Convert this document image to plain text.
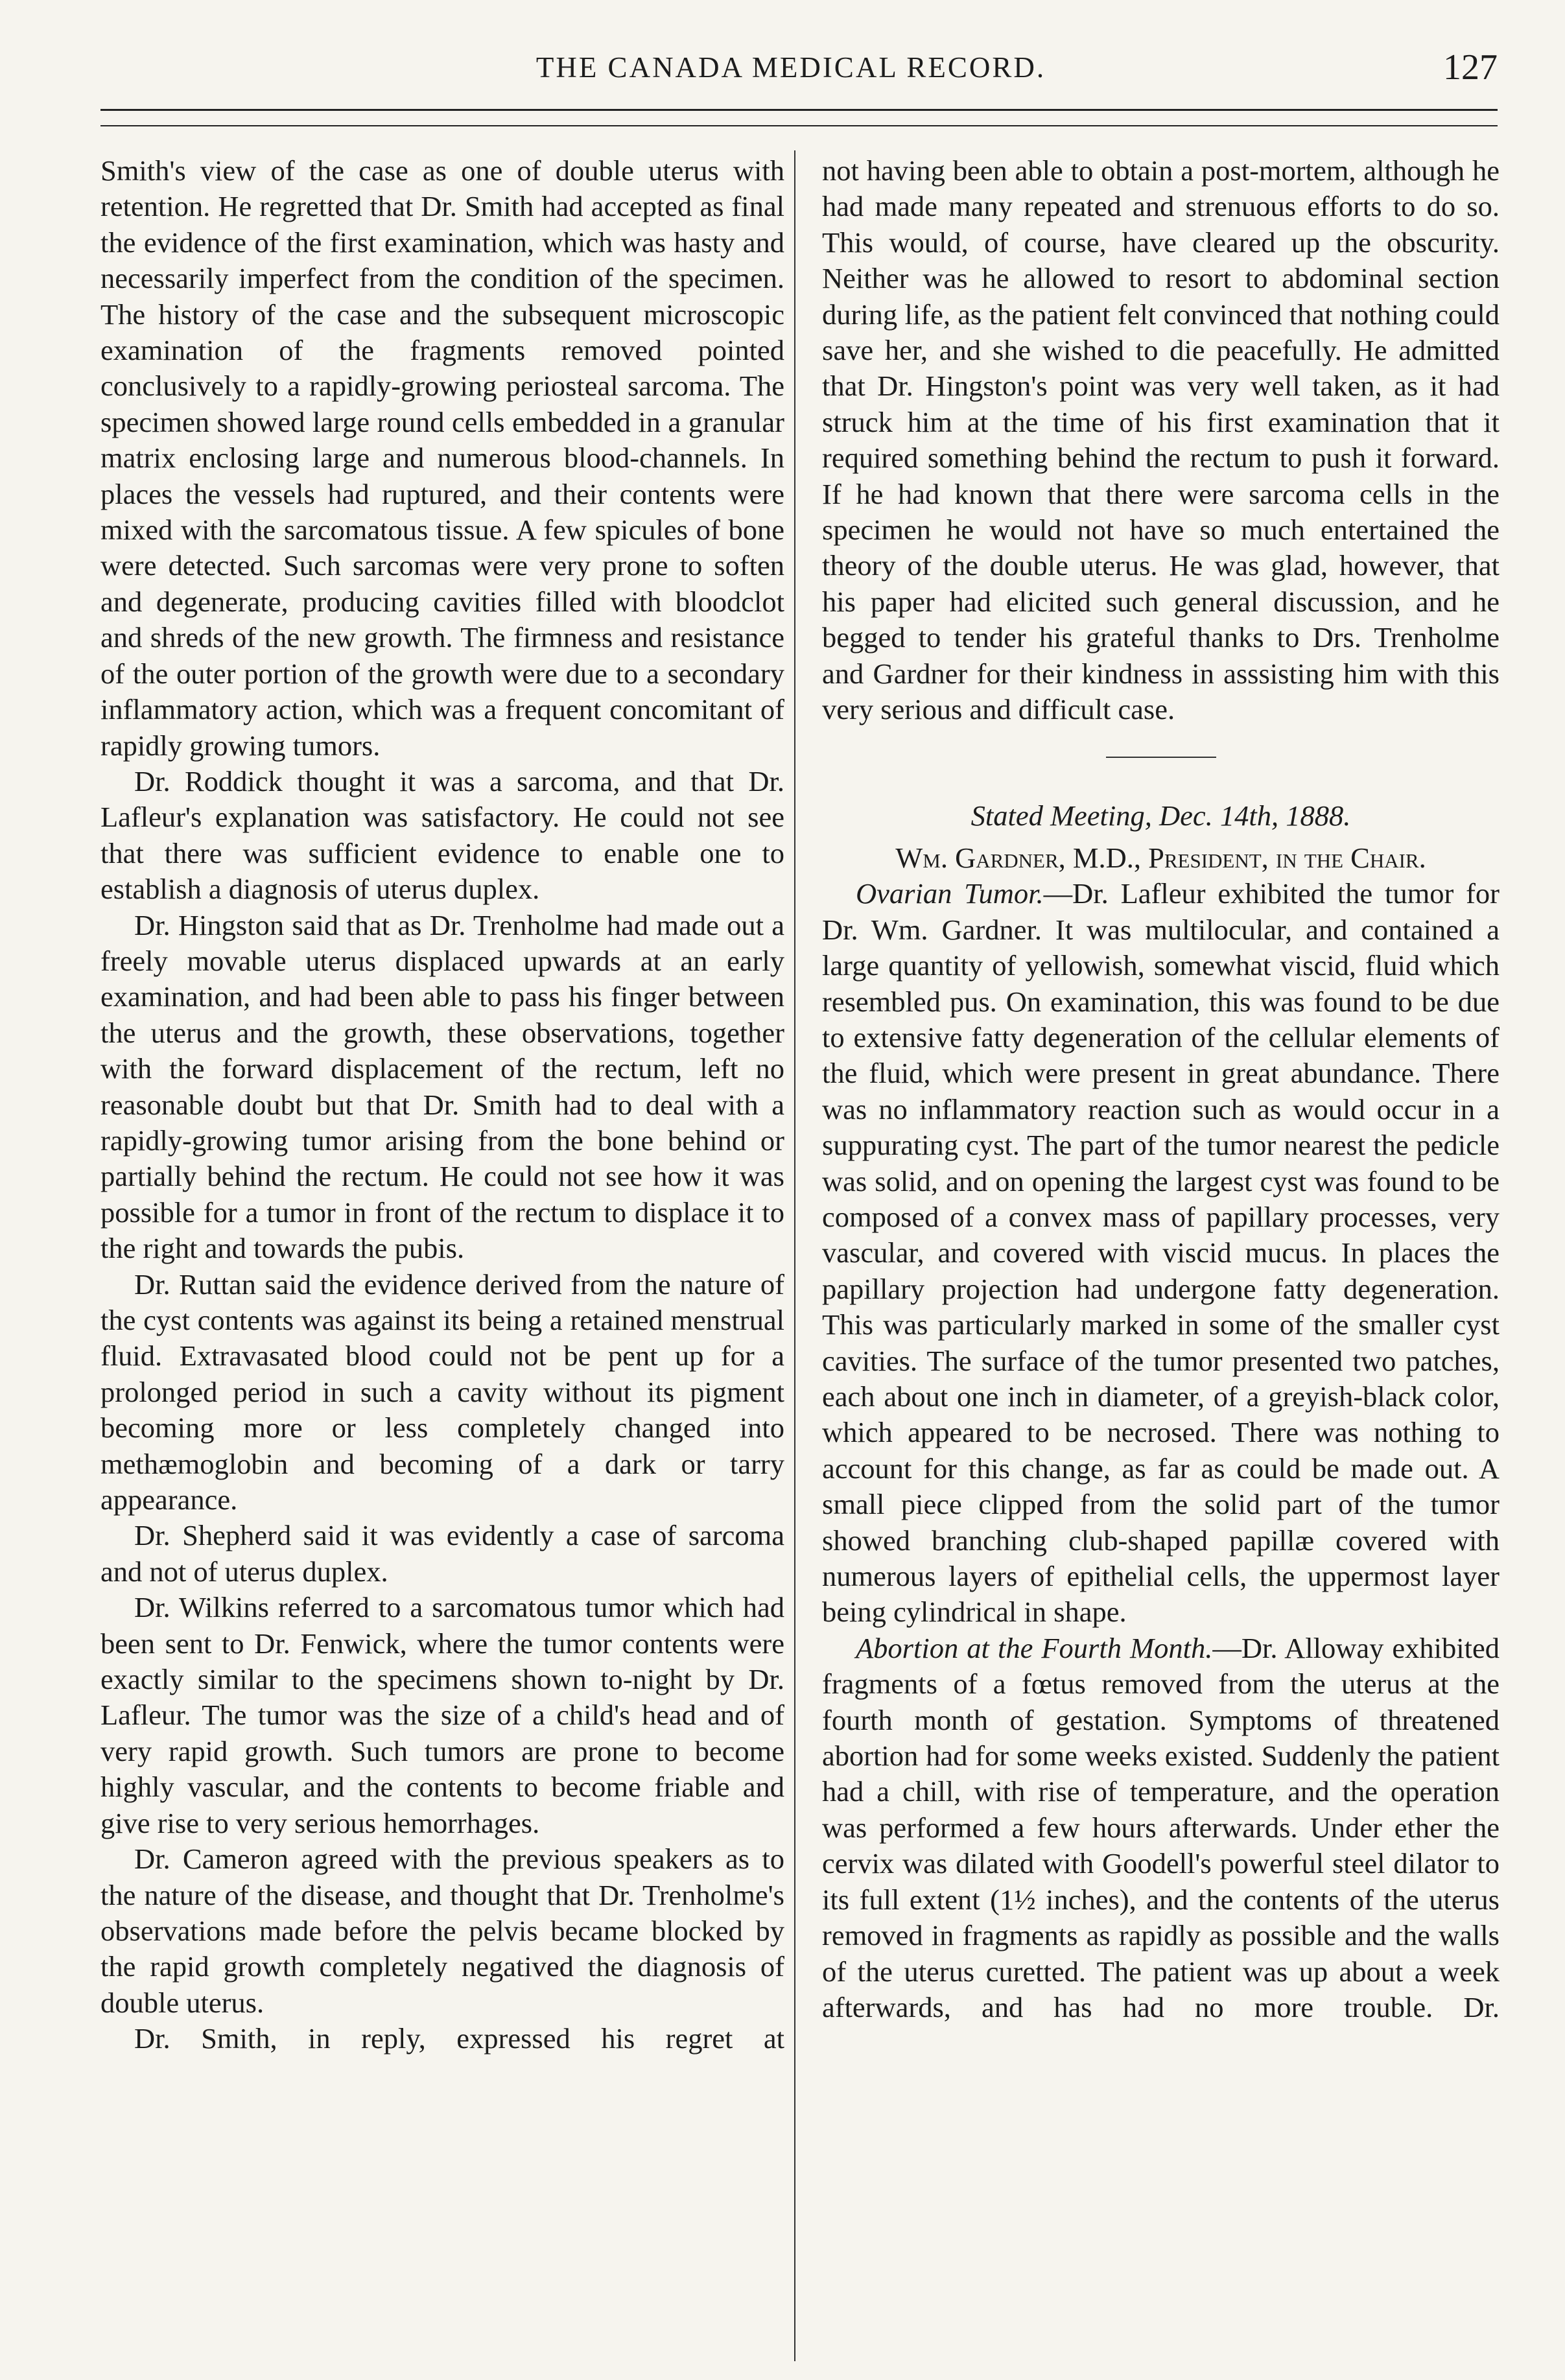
THE CANADA MEDICAL RECORD.	127

Smith's view of the case as one of double uterus with retention. He regretted that Dr. Smith had accepted as final the evidence of the first examination, which was hasty and necessarily imperfect from the condition of the specimen. The history of the case and the subsequent microscopic examination of the fragments removed pointed conclusively to a rapidly-growing periosteal sarcoma. The specimen showed large round cells embedded in a granular matrix enclosing large and numerous blood-channels. In places the vessels had ruptured, and their contents were mixed with the sarcomatous tissue. A few spicules of bone were detected. Such sarcomas were very prone to soften and degenerate, producing cavities filled with bloodclot and shreds of the new growth. The firmness and resistance of the outer portion of the growth were due to a secondary inflammatory action, which was a frequent concomitant of rapidly growing tumors.

Dr. Roddick thought it was a sarcoma, and that Dr. Lafleur's explanation was satisfactory. He could not see that there was sufficient evidence to enable one to establish a diagnosis of uterus duplex.

Dr. Hingston said that as Dr. Trenholme had made out a freely movable uterus displaced upwards at an early examination, and had been able to pass his finger between the uterus and the growth, these observations, together with the forward displacement of the rectum, left no reasonable doubt but that Dr. Smith had to deal with a rapidly-growing tumor arising from the bone behind or partially behind the rectum. He could not see how it was possible for a tumor in front of the rectum to displace it to the right and towards the pubis.

Dr. Ruttan said the evidence derived from the nature of the cyst contents was against its being a retained menstrual fluid. Extravasated blood could not be pent up for a prolonged period in such a cavity without its pigment becoming more or less completely changed into methæmoglobin and becoming of a dark or tarry appearance.

Dr. Shepherd said it was evidently a case of sarcoma and not of uterus duplex.

Dr. Wilkins referred to a sarcomatous tumor which had been sent to Dr. Fenwick, where the tumor contents were exactly similar to the specimens shown to-night by Dr. Lafleur. The tumor was the size of a child's head and of very rapid growth. Such tumors are prone to become highly vascular, and the contents to become friable and give rise to very serious hemorrhages.

Dr. Cameron agreed with the previous speakers as to the nature of the disease, and thought that Dr. Trenholme's observations made before the pelvis became blocked by the rapid growth completely negatived the diagnosis of double uterus.

Dr. Smith, in reply, expressed his regret at

not having been able to obtain a post-mortem, although he had made many repeated and strenuous efforts to do so. This would, of course, have cleared up the obscurity. Neither was he allowed to resort to abdominal section during life, as the patient felt convinced that nothing could save her, and she wished to die peacefully. He admitted that Dr. Hingston's point was very well taken, as it had struck him at the time of his first examination that it required something behind the rectum to push it forward. If he had known that there were sarcoma cells in the specimen he would not have so much entertained the theory of the double uterus. He was glad, however, that his paper had elicited such general discussion, and he begged to tender his grateful thanks to Drs. Trenholme and Gardner for their kindness in asssisting him with this very serious and difficult case.

Stated Meeting, Dec. 14th, 1888.

Wm. Gardner, M.D., President, in the Chair.

Ovarian Tumor.—Dr. Lafleur exhibited the tumor for Dr. Wm. Gardner. It was multilocular, and contained a large quantity of yellowish, somewhat viscid, fluid which resembled pus. On examination, this was found to be due to extensive fatty degeneration of the cellular elements of the fluid, which were present in great abundance. There was no inflammatory reaction such as would occur in a suppurating cyst. The part of the tumor nearest the pedicle was solid, and on opening the largest cyst was found to be composed of a convex mass of papillary processes, very vascular, and covered with viscid mucus. In places the papillary projection had undergone fatty degeneration. This was particularly marked in some of the smaller cyst cavities. The surface of the tumor presented two patches, each about one inch in diameter, of a greyish-black color, which appeared to be necrosed. There was nothing to account for this change, as far as could be made out. A small piece clipped from the solid part of the tumor showed branching club-shaped papillæ covered with numerous layers of epithelial cells, the uppermost layer being cylindrical in shape.

Abortion at the Fourth Month.—Dr. Alloway exhibited fragments of a fœtus removed from the uterus at the fourth month of gestation. Symptoms of threatened abortion had for some weeks existed. Suddenly the patient had a chill, with rise of temperature, and the operation was performed a few hours afterwards. Under ether the cervix was dilated with Goodell's powerful steel dilator to its full extent (1½ inches), and the contents of the uterus removed in fragments as rapidly as possible and the walls of the uterus curetted. The patient was up about a week afterwards, and has had no more trouble. Dr.
